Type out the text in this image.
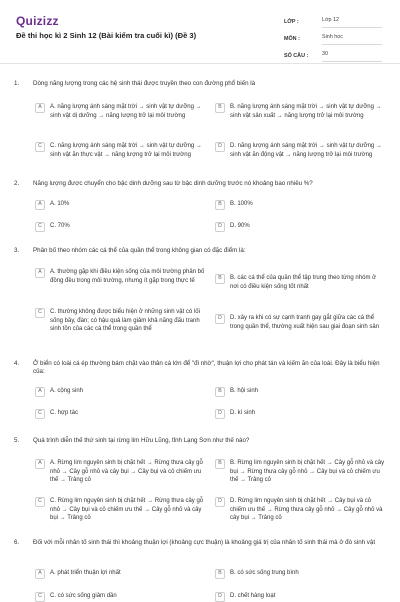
Quizizz
Đề thi học kì 2 Sinh 12 (Bài kiểm tra cuối kì) (Đề 3)
LỚP :	Lớp 12
MÔN :	Sinh học
SỐ CÂU :	30
1. Dòng năng lượng trong các hệ sinh thái được truyền theo con đường phổ biến là
A	A. năng lượng ánh sáng mặt trời → sinh vật tự dưỡng → sinh vật dị dưỡng → năng lượng trở lại môi trường
B	B. năng lượng ánh sáng mặt trời → sinh vật tự dưỡng → sinh vật sản xuất → năng lượng trở lại môi trường
C	C. năng lượng ánh sáng mặt trời → sinh vật tự dưỡng → sinh vật ăn thực vật → năng lượng trở lại môi trường
D	D. năng lượng ánh sáng mặt trời → sinh vật tự dưỡng → sinh vật ăn động vật → năng lượng trở lại môi trường
2. Năng lượng được chuyển cho bậc dinh dưỡng sau từ bậc dinh dưỡng trước nó khoảng bao nhiêu %?
A	A. 10%	B	B. 100%
C	C. 70%	D	D. 90%
3. Phân bố theo nhóm các cá thể của quần thể trong không gian có đặc điểm là:
A	A. thường gặp khi điều kiện sống của môi trường phân bố đồng đều trong môi trường, nhưng ít gặp trong thực tế	B	B. các cá thể của quần thể tập trung theo từng nhóm ở nơi có điều kiện sống tốt nhất
C	C. thường không được biểu hiện ở những sinh vật có lối sống bầy, đàn; có hậu quả làm giảm khả năng đấu tranh sinh tồn của các cá thể trong quần thể
D	D. xảy ra khi có sự cạnh tranh gay gắt giữa các cá thể trong quần thể, thường xuất hiện sau giai đoạn sinh sản
4. Ở biển có loài cá ép thường bám chặt vào thân cá lớn để "đi nhờ", thuận lợi cho phát tán và kiếm ăn của loài. Đây là biểu hiện của:
A	A. cộng sinh	B	B. hội sinh
C	C. hợp tác	D	D. kí sinh
5. Quá trình diễn thế thứ sinh tại rừng lim Hữu Lũng, tỉnh Lạng Sơn như thế nào?
A	A. Rừng lim nguyên sinh bị chặt hết → Rừng thưa cây gỗ nhỏ → Cây gỗ nhỏ và cây bụi → Cây bụi và cỏ chiếm ưu thế → Trảng cỏ
B	B. Rừng lim nguyên sinh bị chặt hết → Cây gỗ nhỏ và cây bụi → Rừng thưa cây gỗ nhỏ → Cây bụi và cỏ chiếm ưu thế → Trảng cỏ
C	C. Rừng lim nguyên sinh bị chặt hết → Rừng thưa cây gỗ nhỏ → Cây bụi và cỏ chiếm ưu thế → Cây gỗ nhỏ và cây bụi → Trảng cỏ
D	D. Rừng lim nguyên sinh bị chặt hết → Cây bụi và cỏ chiếm ưu thế → Rừng thưa cây gỗ nhỏ → Cây gỗ nhỏ và cây bụi → Trảng cỏ
6. Đối với mỗi nhân tố sinh thái thì khoảng thuận lợi (khoảng cực thuận) là khoảng giá trị của nhân tố sinh thái mà ở đó sinh vật
A	A. phát triển thuận lợi nhất	B	B. có sức sống trung bình
C	C. có sức sống giảm dần	D	D. chết hàng loạt
